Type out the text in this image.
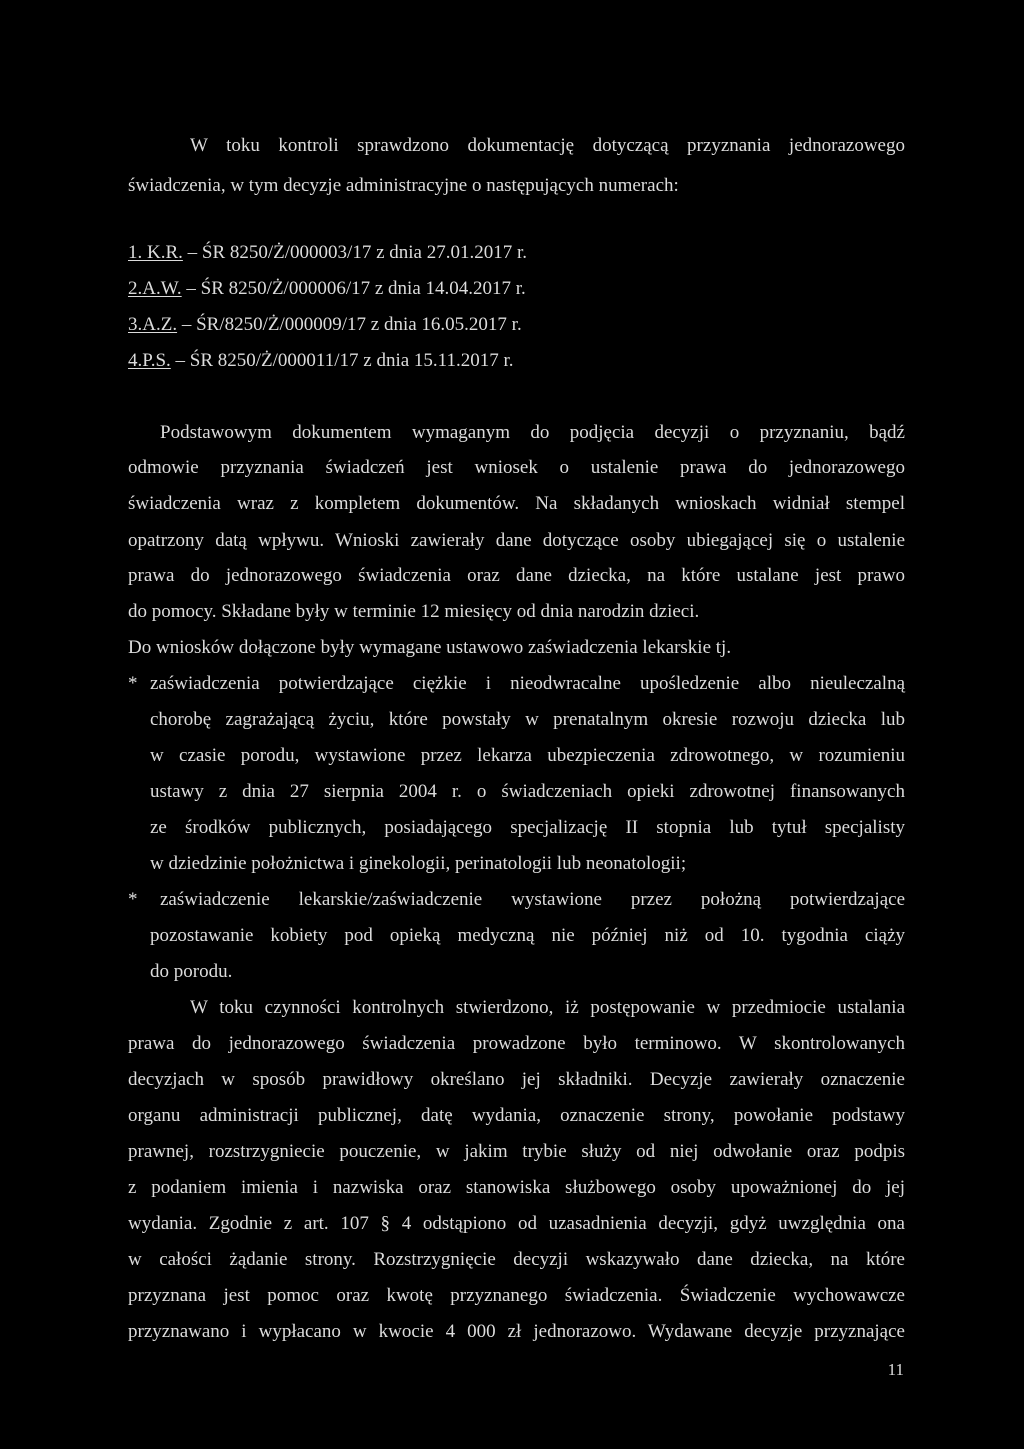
W toku kontroli sprawdzono dokumentację dotyczącą przyznania jednorazowego
świadczenia, w tym decyzje administracyjne o następujących numerach:
1. K.R. – ŚR 8250/Ż/000003/17 z dnia 27.01.2017 r.
2.A.W. – ŚR 8250/Ż/000006/17 z dnia 14.04.2017 r.
3.A.Z. – ŚR/8250/Ż/000009/17 z dnia 16.05.2017 r.
4.P.S. – ŚR 8250/Ż/000011/17 z dnia 15.11.2017 r.
Podstawowym dokumentem wymaganym do podjęcia decyzji o przyznaniu, bądź
odmowie przyznania świadczeń jest wniosek o ustalenie prawa do jednorazowego
świadczenia wraz z kompletem dokumentów. Na składanych wnioskach widniał stempel
opatrzony datą wpływu. Wnioski zawierały dane dotyczące osoby ubiegającej się o ustalenie
prawa do jednorazowego świadczenia oraz dane dziecka, na które ustalane jest prawo
do pomocy. Składane były w terminie 12 miesięcy od dnia narodzin dzieci.
Do wniosków dołączone były wymagane ustawowo zaświadczenia lekarskie tj.
* zaświadczenia potwierdzające ciężkie i nieodwracalne upośledzenie albo nieuleczalną
chorobę zagrażającą życiu, które powstały w prenatalnym okresie rozwoju dziecka lub
w czasie porodu, wystawione przez lekarza ubezpieczenia zdrowotnego, w rozumieniu
ustawy z dnia 27 sierpnia 2004 r. o świadczeniach opieki zdrowotnej finansowanych
ze środków publicznych, posiadającego specjalizację II stopnia lub tytuł specjalisty
w dziedzinie położnictwa i ginekologii, perinatologii lub neonatologii;
* zaświadczenie lekarskie/zaświadczenie wystawione przez położną potwierdzające
pozostawanie kobiety pod opieką medyczną nie później niż od 10. tygodnia ciąży
do porodu.
W toku czynności kontrolnych stwierdzono, iż postępowanie w przedmiocie ustalania
prawa do jednorazowego świadczenia prowadzone było terminowo. W skontrolowanych
decyzjach w sposób prawidłowy określano jej składniki. Decyzje zawierały oznaczenie
organu administracji publicznej, datę wydania, oznaczenie strony, powołanie podstawy
prawnej, rozstrzygniecie pouczenie, w jakim trybie służy od niej odwołanie oraz podpis
z podaniem imienia i nazwiska oraz stanowiska służbowego osoby upoważnionej do jej
wydania. Zgodnie z art. 107 § 4 odstąpiono od uzasadnienia decyzji, gdyż uwzględnia ona
w całości żądanie strony. Rozstrzygnięcie decyzji wskazywało dane dziecka, na które
przyznana jest pomoc oraz kwotę przyznanego świadczenia. Świadczenie wychowawcze
przyznawano i wypłacano w kwocie 4 000 zł jednorazowo. Wydawane decyzje przyznające
11
